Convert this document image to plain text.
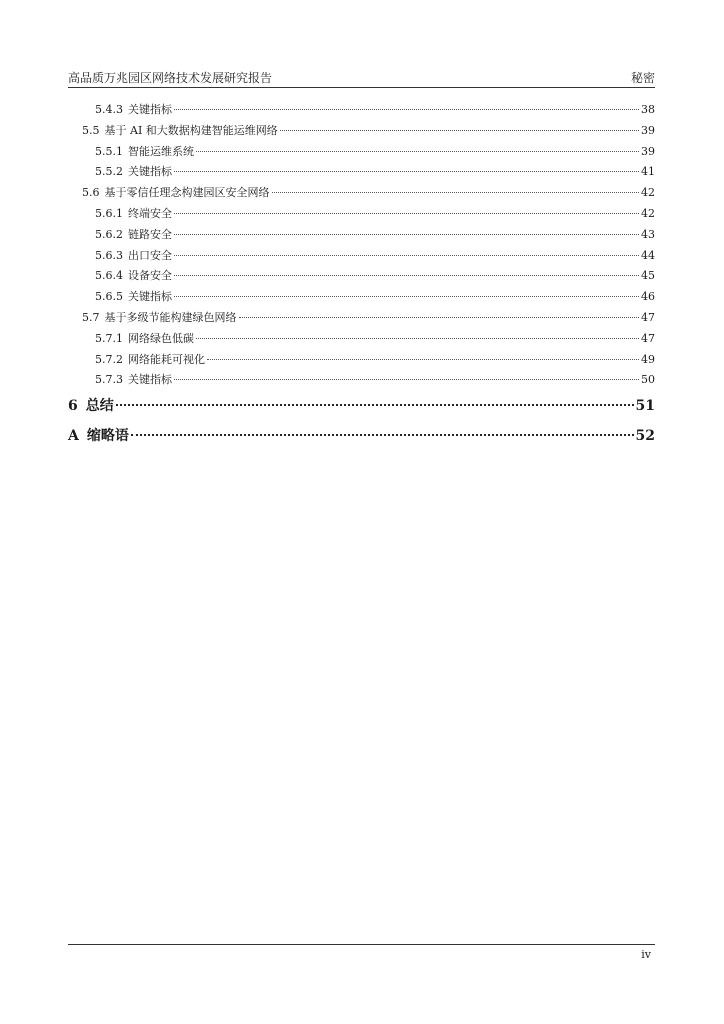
高品质万兆园区网络技术发展研究报告	秘密
5.4.3 关键指标	38
5.5 基于 AI 和大数据构建智能运维网络	39
5.5.1 智能运维系统	39
5.5.2 关键指标	41
5.6 基于零信任理念构建园区安全网络	42
5.6.1 终端安全	42
5.6.2 链路安全	43
5.6.3 出口安全	44
5.6.4 设备安全	45
5.6.5 关键指标	46
5.7 基于多级节能构建绿色网络	47
5.7.1 网络绿色低碳	47
5.7.2 网络能耗可视化	49
5.7.3 关键指标	50
6 总结	51
A 缩略语	52
iv
